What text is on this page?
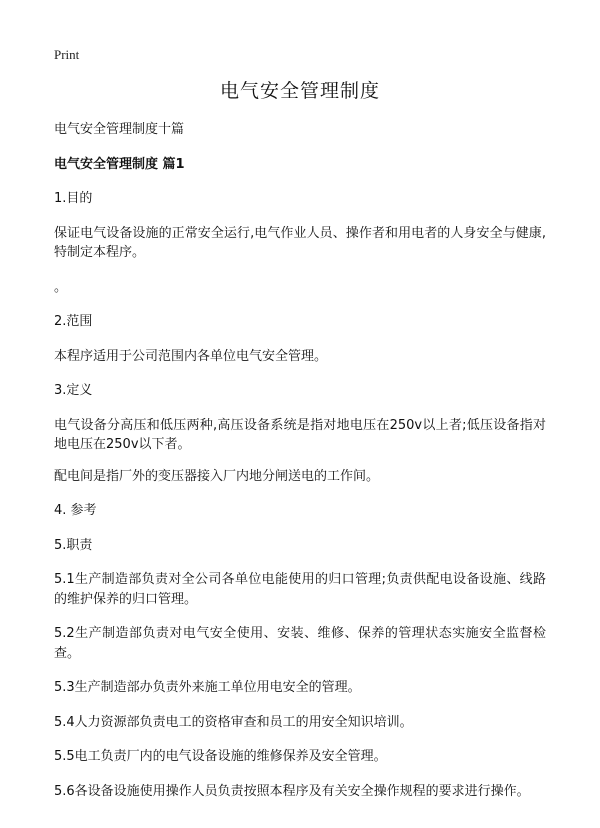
Print

电气安全管理制度

电气安全管理制度十篇

电气安全管理制度 篇1

1.目的

保证电气设备设施的正常安全运行,电气作业人员、操作者和用电者的人身安全与健康,特制定本程序。

。

2.范围

本程序适用于公司范围内各单位电气安全管理。

3.定义

电气设备分高压和低压两种,高压设备系统是指对地电压在250v以上者;低压设备指对地电压在250v以下者。

配电间是指厂外的变压器接入厂内地分闸送电的工作间。

4. 参考

5.职责

5.1生产制造部负责对全公司各单位电能使用的归口管理;负责供配电设备设施、线路的维护保养的归口管理。

5.2生产制造部负责对电气安全使用、安装、维修、保养的管理状态实施安全监督检查。

5.3生产制造部办负责外来施工单位用电安全的管理。

5.4人力资源部负责电工的资格审查和员工的用安全知识培训。

5.5电工负责厂内的电气设备设施的维修保养及安全管理。

5.6各设备设施使用操作人员负责按照本程序及有关安全操作规程的要求进行操作。
